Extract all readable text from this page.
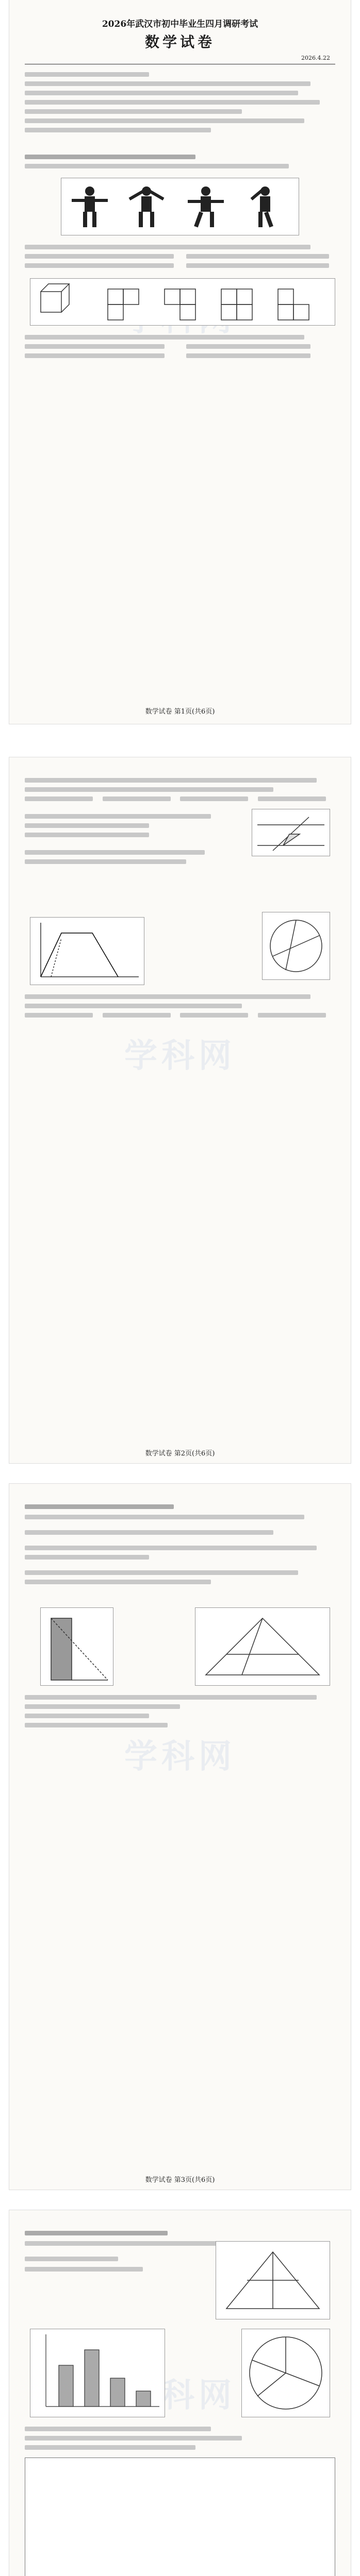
2026年武汉市初中毕业生四月调研考试
数学试卷
2026.4.22
数学试卷 第1页(共6页)
学科网
数学试卷 第2页(共6页)
学科网
数学试卷 第3页(共6页)
学科网
